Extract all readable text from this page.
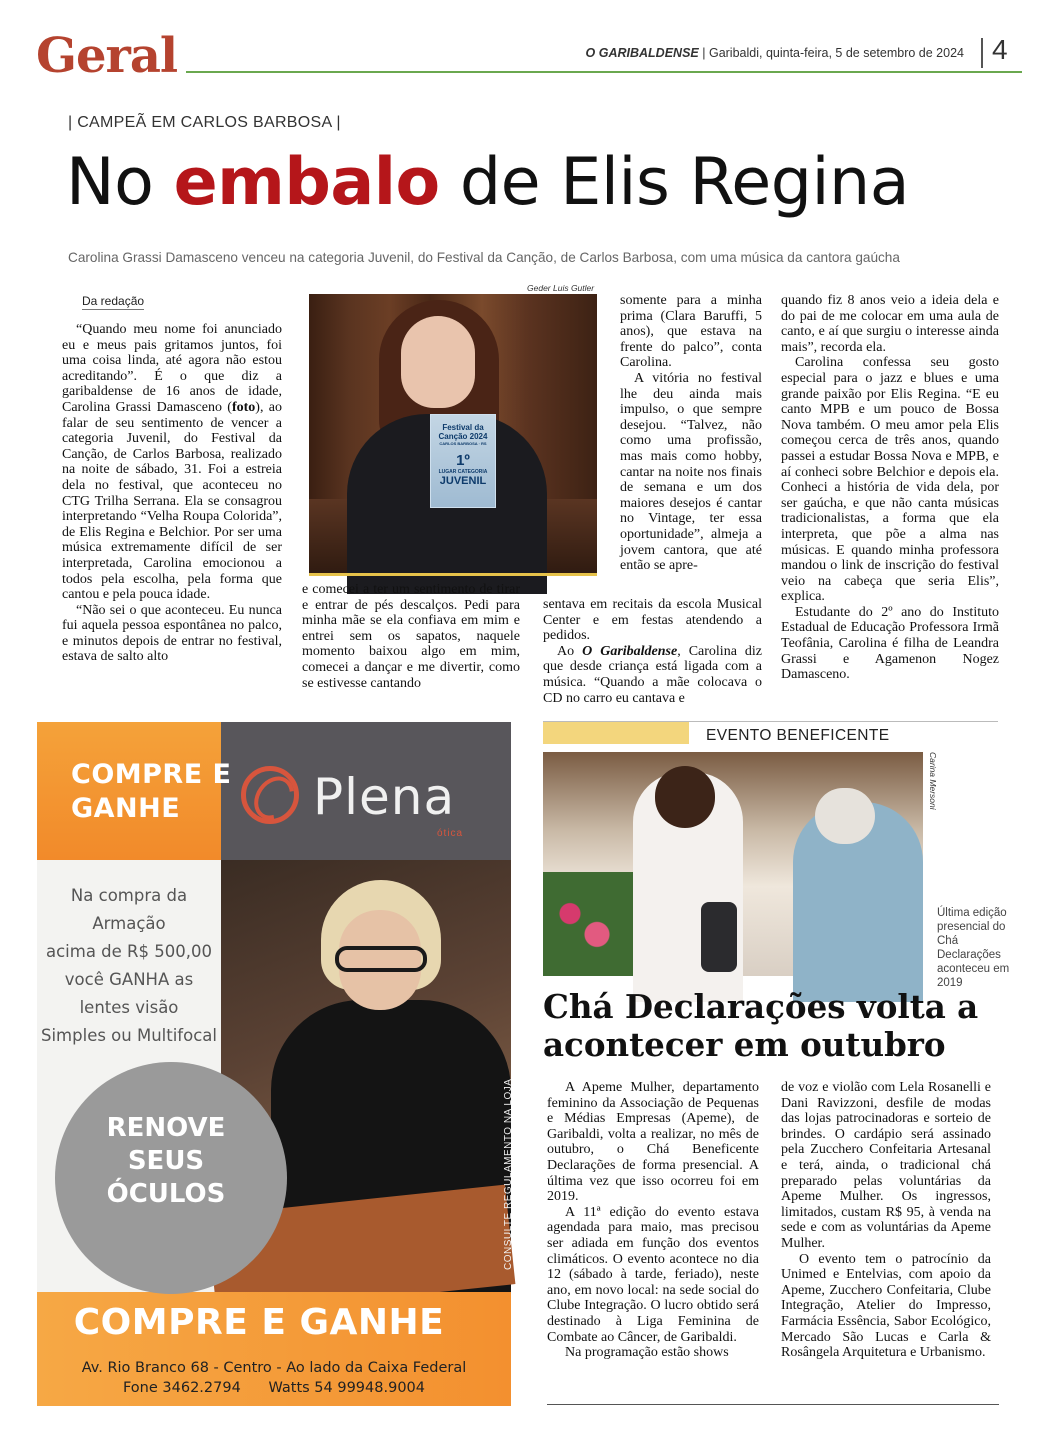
Geral	O GARIBALDENSE | Garibaldi, quinta-feira, 5 de setembro de 2024 4
| CAMPEÃ EM CARLOS BARBOSA |
No embalo de Elis Regina
Carolina Grassi Damasceno venceu na categoria Juvenil, do Festival da Canção, de Carlos Barbosa, com uma música da cantora gaúcha
Da redação

“Quando meu nome foi anunciado eu e meus pais gritamos juntos, foi uma coisa linda, até agora não estou acreditando”. É o que diz a garibaldense de 16 anos de idade, Carolina Grassi Damasceno (foto), ao falar de seu sentimento de vencer a categoria Juvenil, do Festival da Canção, de Carlos Barbosa, realizado na noite de sábado, 31. Foi a estreia dela no festival, que aconteceu no CTG Trilha Serrana. Ela se consagrou interpretando “Velha Roupa Colorida”, de Elis Regina e Belchior. Por ser uma música extremamente difícil de ser interpretada, Carolina emocionou a todos pela escolha, pela forma que cantou e pela pouca idade.

“Não sei o que aconteceu. Eu nunca fui aquela pessoa espontânea no palco, e minutos depois de entrar no festival, estava de salto alto

Geder Luis Gutler
Festival da
Canção 2024
CARLOS BARBOSA · RS
1º
LUGAR CATEGORIA
JUVENIL

e comecei a ter um sentimento de tirar e entrar de pés descalços. Pedi para minha mãe se ela confiava em mim e entrei sem os sapatos, naquele momento baixou algo em mim, comecei a dançar e me divertir, como se estivesse cantando

somente para a minha prima (Clara Baruffi, 5 anos), que estava na frente do palco”, conta Carolina.

A vitória no festival lhe deu ainda mais impulso, o que sempre desejou. “Talvez, não como uma profissão, mas mais como hobby, cantar na noite nos finais de semana e um dos maiores desejos é cantar no Vintage, ter essa oportunidade”, almeja a jovem cantora, que até então se apre-

sentava em recitais da escola Musical Center e em festas atendendo a pedidos.

Ao O Garibaldense, Carolina diz que desde criança está ligada com a música. “Quando a mãe colocava o CD no carro eu cantava e

quando fiz 8 anos veio a ideia dela e do pai de me colocar em uma aula de canto, e aí que surgiu o interesse ainda mais”, recorda ela.

Carolina confessa seu gosto especial para o jazz e blues e uma grande paixão por Elis Regina. “E eu canto MPB e um pouco de Bossa Nova também. O meu amor pela Elis começou cerca de três anos, quando passei a estudar Bossa Nova e MPB, e aí conheci sobre Belchior e depois ela. Conheci a história de vida dela, por ser gaúcha, e que não canta músicas tradicionalistas, a forma que ela interpreta, que põe a alma nas músicas. E quando minha professora mandou o link de inscrição do festival veio na cabeça que seria Elis”, explica.

Estudante do 2º ano do Instituto Estadual de Educação Professora Irmã Teofânia, Carolina é filha de Leandra Grassi e Agamenon Nogez Damasceno.

COMPRE E
GANHE	Plena
ótica
Na compra da
Armação
acima de R$ 500,00
você GANHA as
lentes visão
Simples ou Multifocal
RENOVE
SEUS
ÓCULOS	CONSULTE REGULAMENTO NA LOJA
COMPRE E GANHE
Av. Rio Branco 68 - Centro - Ao lado da Caixa Federal
Fone 3462.2794      Watts 54 99948.9004
EVENTO BENEFICENTE
Carina Mersoni
Última edição presencial do Chá Declarações aconteceu em 2019
Chá Declarações volta a acontecer em outubro

A Apeme Mulher, departamento feminino da Associação de Pequenas e Médias Empresas (Apeme), de Garibaldi, volta a realizar, no mês de outubro, o Chá Beneficente Declarações de forma presencial. A última vez que isso ocorreu foi em 2019.

A 11ª edição do evento estava agendada para maio, mas precisou ser adiada em função dos eventos climáticos. O evento acontece no dia 12 (sábado à tarde, feriado), neste ano, em novo local: na sede social do Clube Integração. O lucro obtido será destinado à Liga Feminina de Combate ao Câncer, de Garibaldi.

Na programação estão shows

de voz e violão com Lela Rosanelli e Dani Ravizzoni, desfile de modas das lojas patrocinadoras e sorteio de brindes. O cardápio será assinado pela Zucchero Confeitaria Artesanal e terá, ainda, o tradicional chá preparado pelas voluntárias da Apeme Mulher. Os ingressos, limitados, custam R$ 95, à venda na sede e com as voluntárias da Apeme Mulher.

O evento tem o patrocínio da Unimed e Entelvias, com apoio da Apeme, Zucchero Confeitaria, Clube Integração, Atelier do Impresso, Farmácia Essência, Sabor Ecológico, Mercado São Lucas e Carla & Rosângela Arquitetura e Urbanismo.
